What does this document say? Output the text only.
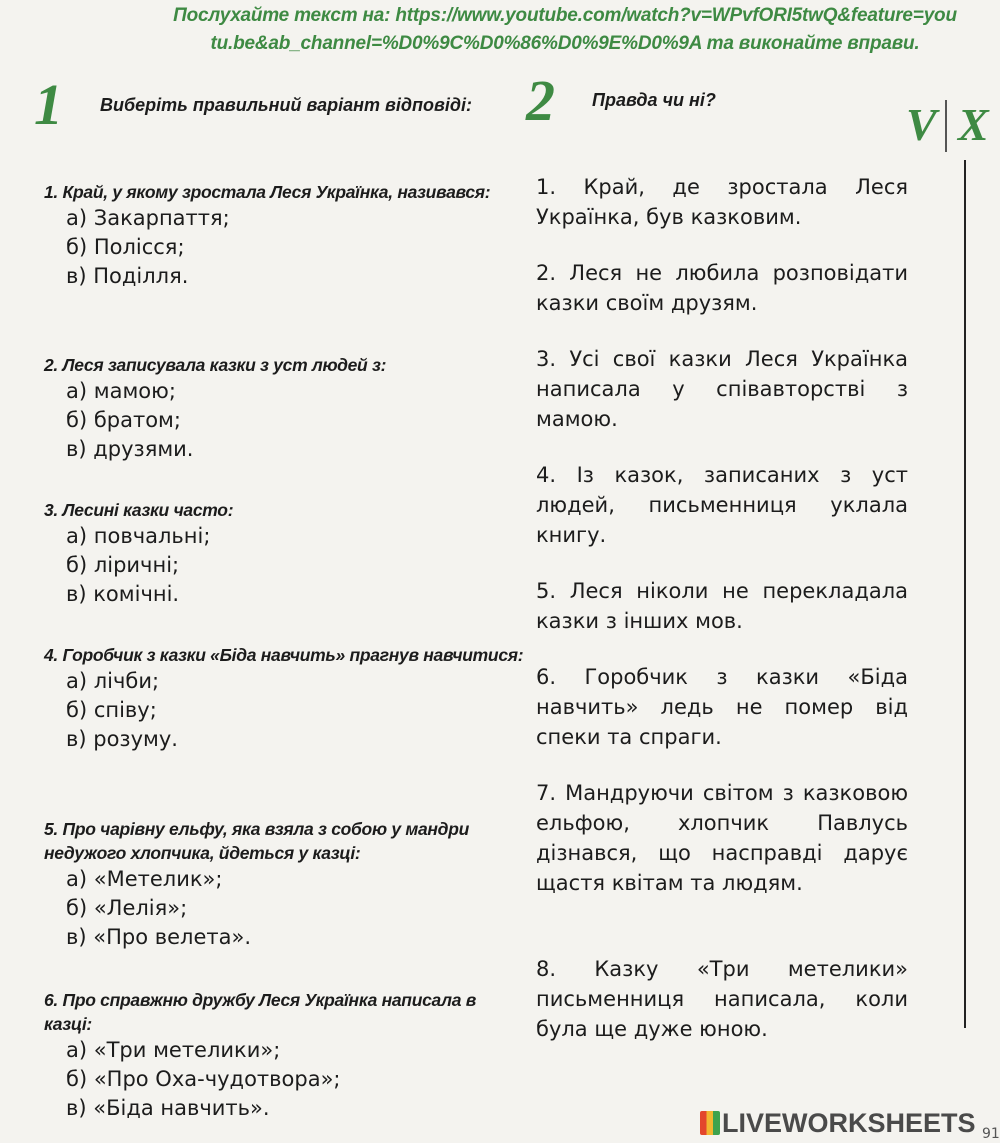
Послухайте текст на: https://www.youtube.com/watch?v=WPvfORI5twQ&feature=you
tu.be&ab_channel=%D0%9C%D0%86%D0%9E%D0%9A та виконайте вправи.
1 Виберіть правильний варіант відповіді: 2 Правда чи ні?	V X
1. Край, у якому зростала Леся Українка, називався:
а) Закарпаття;
б) Полісся;
в) Поділля.
2. Леся записувала казки з уст людей з:
а) мамою;
б) братом;
в) друзями.
3. Лесині казки часто:
а) повчальні;
б) ліричні;
в) комічні.
4. Горобчик з казки «Біда навчить» прагнув навчитися:
а) лічби;
б) співу;
в) розуму.
5. Про чарівну ельфу, яка взяла з собою у мандри недужого хлопчика, йдеться у казці:
а) «Метелик»;
б) «Лелія»;
в) «Про велета».
6. Про справжню дружбу Леся Українка написала в казці:
а) «Три метелики»;
б) «Про Оха-чудотвора»;
в) «Біда навчить».
1. Край, де зростала Леся Українка, був казковим.
2. Леся не любила розповідати казки своїм друзям.
3. Усі свої казки Леся Українка написала у співавторстві з мамою.
4. Із казок, записаних з уст людей, письменниця уклала книгу.
5. Леся ніколи не перекладала казки з інших мов.
6. Горобчик з казки «Біда навчить» ледь не помер від спеки та спраги.
7. Мандруючи світом з казковою ельфою, хлопчик Павлусь дізнався, що насправді дарує щастя квітам та людям.
8. Казку «Три метелики» письменниця написала, коли була ще дуже юною.
LIVEWORKSHEETS 91
